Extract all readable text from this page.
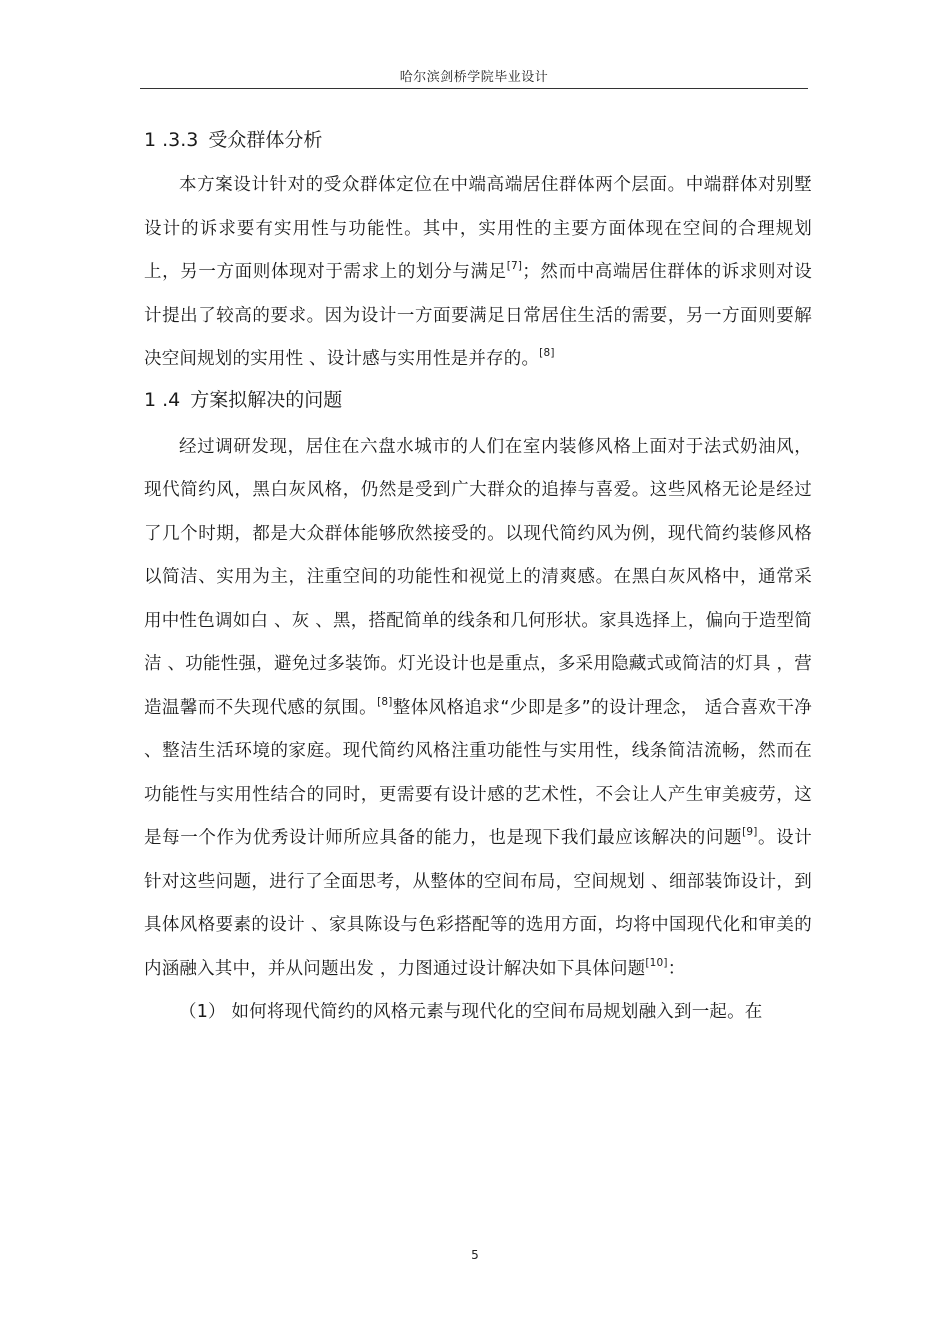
哈尔滨剑桥学院毕业设计
1 .3.3 受众群体分析

本方案设计针对的受众群体定位在中端高端居住群体两个层面。中端群体对别墅设计的诉求要有实用性与功能性。其中，实用性的主要方面体现在空间的合理规划上，另一方面则体现对于需求上的划分与满足[7]；然而中高端居住群体的诉求则对设计提出了较高的要求。因为设计一方面要满足日常居住生活的需要，另一方面则要解决空间规划的实用性 、设计感与实用性是并存的。[8]

1 .4 方案拟解决的问题

经过调研发现，居住在六盘水城市的人们在室内装修风格上面对于法式奶油风，现代简约风，黑白灰风格，仍然是受到广大群众的追捧与喜爱。这些风格无论是经过了几个时期，都是大众群体能够欣然接受的。以现代简约风为例，现代简约装修风格以简洁、实用为主，注重空间的功能性和视觉上的清爽感。在黑白灰风格中，通常采用中性色调如白 、灰 、黑，搭配简单的线条和几何形状。家具选择上，偏向于造型简洁 、功能性强，避免过多装饰。灯光设计也是重点，多采用隐藏式或简洁的灯具 ，营造温馨而不失现代感的氛围。[8]整体风格追求“少即是多”的设计理念， 适合喜欢干净 、整洁生活环境的家庭。现代简约风格注重功能性与实用性，线条简洁流畅，然而在功能性与实用性结合的同时，更需要有设计感的艺术性，不会让人产生审美疲劳，这是每一个作为优秀设计师所应具备的能力，也是现下我们最应该解决的问题[9]。设计针对这些问题，进行了全面思考，从整体的空间布局，空间规划 、细部装饰设计，到具体风格要素的设计 、家具陈设与色彩搭配等的选用方面，均将中国现代化和审美的内涵融入其中，并从问题出发 ，力图通过设计解决如下具体问题[10]：

（1） 如何将现代简约的风格元素与现代化的空间布局规划融入到一起。在

5
